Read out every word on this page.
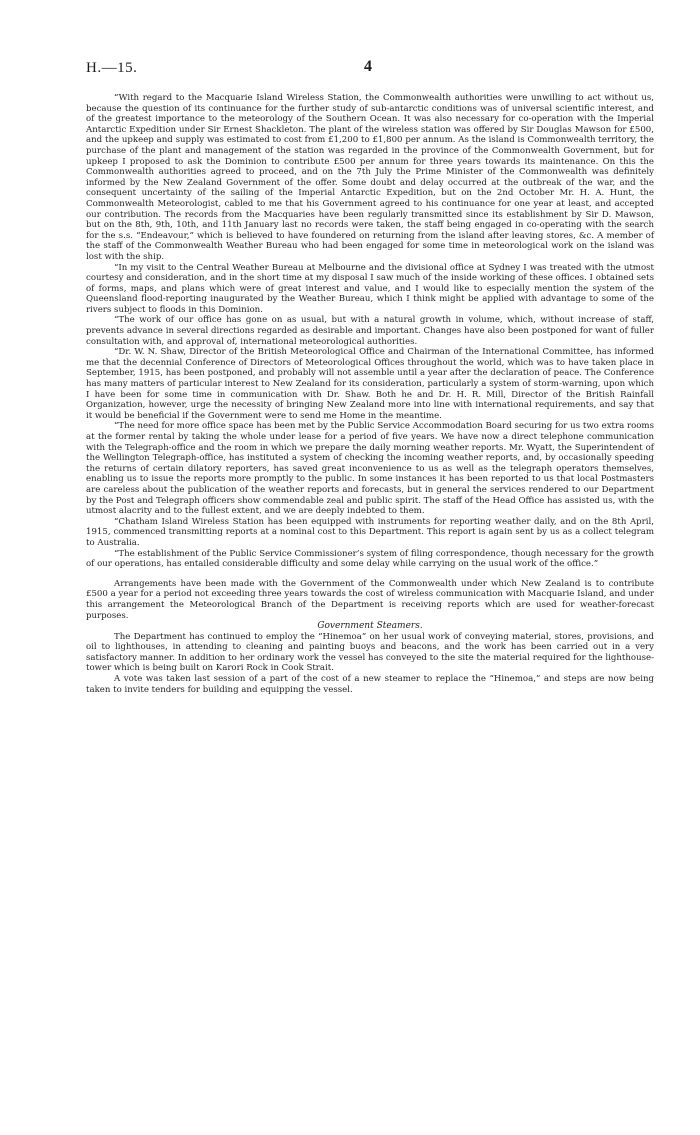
H.—15.	4

“With regard to the Macquarie Island Wireless Station, the Commonwealth authorities were unwilling to act without us, because the question of its continuance for the further study of sub-antarctic conditions was of universal scientific interest, and of the greatest importance to the meteorology of the Southern Ocean. It was also necessary for co-operation with the Imperial Antarctic Expedition under Sir Ernest Shackleton. The plant of the wireless station was offered by Sir Douglas Mawson for £500, and the upkeep and supply was estimated to cost from £1,200 to £1,800 per annum. As the island is Commonwealth territory, the purchase of the plant and management of the station was regarded in the province of the Commonwealth Government, but for upkeep I proposed to ask the Dominion to contribute £500 per annum for three years towards its maintenance. On this the Commonwealth authorities agreed to proceed, and on the 7th July the Prime Minister of the Commonwealth was definitely informed by the New Zealand Government of the offer. Some doubt and delay occurred at the outbreak of the war, and the consequent uncertainty of the sailing of the Imperial Antarctic Expedition, but on the 2nd October Mr. H. A. Hunt, the Commonwealth Meteorologist, cabled to me that his Government agreed to his continuance for one year at least, and accepted our contribution. The records from the Macquaries have been regularly transmitted since its establishment by Sir D. Mawson, but on the 8th, 9th, 10th, and 11th January last no records were taken, the staff being engaged in co-operating with the search for the s.s. “Endeavour,” which is believed to have foundered on returning from the island after leaving stores, &c. A member of the staff of the Commonwealth Weather Bureau who had been engaged for some time in meteorological work on the island was lost with the ship.

“In my visit to the Central Weather Bureau at Melbourne and the divisional office at Sydney I was treated with the utmost courtesy and consideration, and in the short time at my disposal I saw much of the inside working of these offices. I obtained sets of forms, maps, and plans which were of great interest and value, and I would like to especially mention the system of the Queensland flood-reporting inaugurated by the Weather Bureau, which I think might be applied with advantage to some of the rivers subject to floods in this Dominion.

“The work of our office has gone on as usual, but with a natural growth in volume, which, without increase of staff, prevents advance in several directions regarded as desirable and important. Changes have also been postponed for want of fuller consultation with, and approval of, international meteorological authorities.

“Dr. W. N. Shaw, Director of the British Meteorological Office and Chairman of the International Committee, has informed me that the decennial Conference of Directors of Meteorological Offices throughout the world, which was to have taken place in September, 1915, has been postponed, and probably will not assemble until a year after the declaration of peace. The Conference has many matters of particular interest to New Zealand for its consideration, particularly a system of storm-warning, upon which I have been for some time in communication with Dr. Shaw. Both he and Dr. H. R. Mill, Director of the British Rainfall Organization, however, urge the necessity of bringing New Zealand more into line with international requirements, and say that it would be beneficial if the Government were to send me Home in the meantime.

“The need for more office space has been met by the Public Service Accommodation Board securing for us two extra rooms at the former rental by taking the whole under lease for a period of five years. We have now a direct telephone communication with the Telegraph-office and the room in which we prepare the daily morning weather reports. Mr. Wyatt, the Superintendent of the Wellington Telegraph-office, has instituted a system of checking the incoming weather reports, and, by occasionally speeding the returns of certain dilatory reporters, has saved great inconvenience to us as well as the telegraph operators themselves, enabling us to issue the reports more promptly to the public. In some instances it has been reported to us that local Postmasters are careless about the publication of the weather reports and forecasts, but in general the services rendered to our Department by the Post and Telegraph officers show commendable zeal and public spirit. The staff of the Head Office has assisted us, with the utmost alacrity and to the fullest extent, and we are deeply indebted to them.

“Chatham Island Wireless Station has been equipped with instruments for reporting weather daily, and on the 8th April, 1915, commenced transmitting reports at a nominal cost to this Department. This report is again sent by us as a collect telegram to Australia.

“The establishment of the Public Service Commissioner’s system of filing correspondence, though necessary for the growth of our operations, has entailed considerable difficulty and some delay while carrying on the usual work of the office.”

Arrangements have been made with the Government of the Commonwealth under which New Zealand is to contribute £500 a year for a period not exceeding three years towards the cost of wireless communication with Macquarie Island, and under this arrangement the Meteorological Branch of the Department is receiving reports which are used for weather-forecast purposes.

Government Steamers.

The Department has continued to employ the “Hinemoa” on her usual work of conveying material, stores, provisions, and oil to lighthouses, in attending to cleaning and painting buoys and beacons, and the work has been carried out in a very satisfactory manner. In addition to her ordinary work the vessel has conveyed to the site the material required for the lighthouse-tower which is being built on Karori Rock in Cook Strait.

A vote was taken last session of a part of the cost of a new steamer to replace the “Hinemoa,” and steps are now being taken to invite tenders for building and equipping the vessel.
